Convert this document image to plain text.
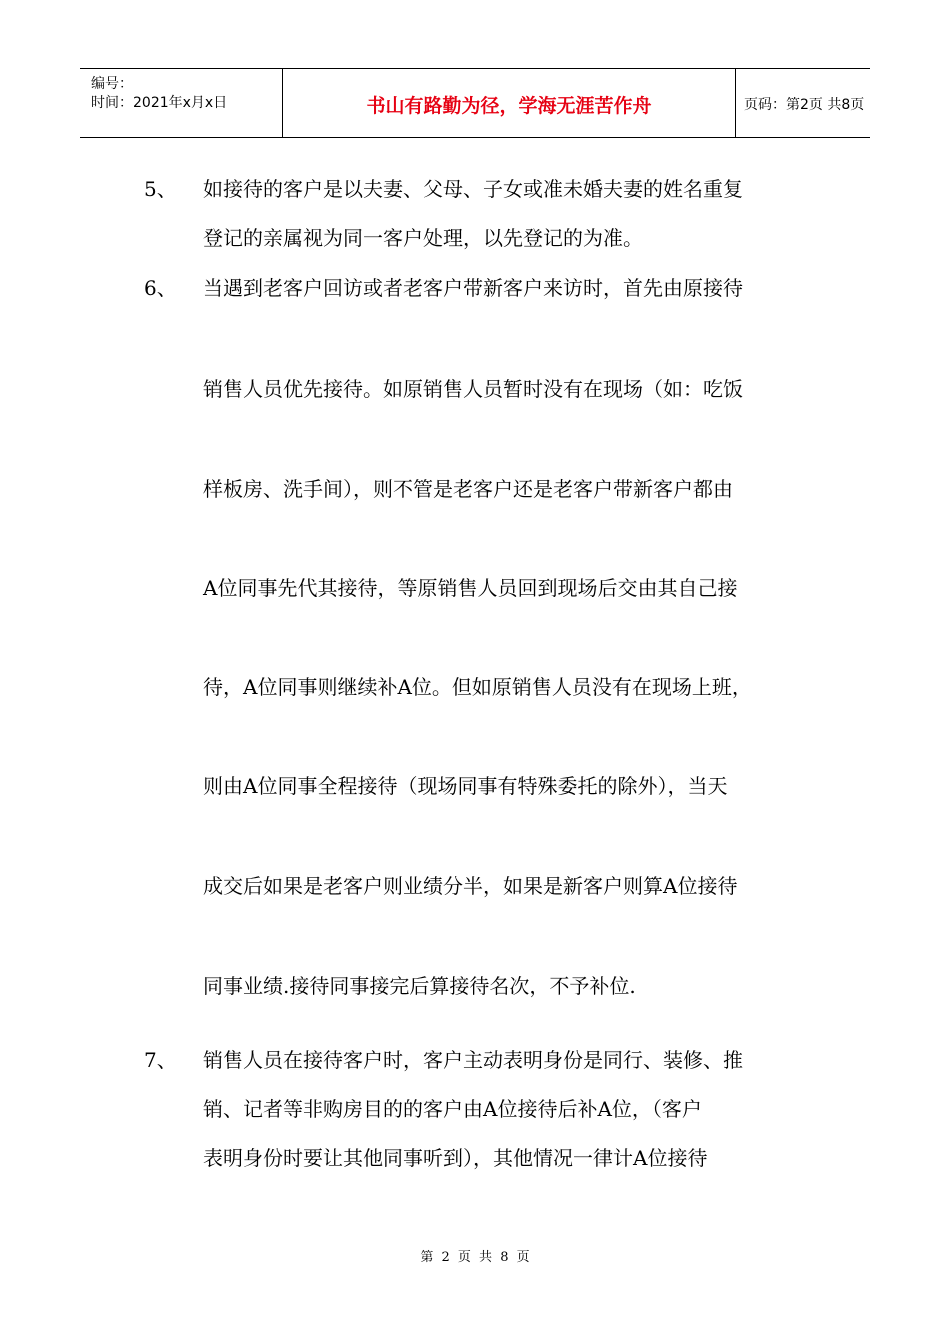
编号：
时间：2021年x月x日	书山有路勤为径，学海无涯苦作舟	页码：第2页 共8页
5、 如接待的客户是以夫妻、父母、子女或准未婚夫妻的姓名重复
登记的亲属视为同一客户处理，以先登记的为准。
6、 当遇到老客户回访或者老客户带新客户来访时，首先由原接待
销售人员优先接待。如原销售人员暂时没有在现场（如：吃饭
样板房、洗手间），则不管是老客户还是老客户带新客户都由
A位同事先代其接待，等原销售人员回到现场后交由其自己接
待，A位同事则继续补A位。但如原销售人员没有在现场上班，
则由A位同事全程接待（现场同事有特殊委托的除外），当天
成交后如果是老客户则业绩分半，如果是新客户则算A位接待
同事业绩.接待同事接完后算接待名次，不予补位.
7、 销售人员在接待客户时，客户主动表明身份是同行、装修、推
销、记者等非购房目的的客户由A位接待后补A位，（客户
表明身份时要让其他同事听到），其他情况一律计A位接待
第 2 页 共 8 页
